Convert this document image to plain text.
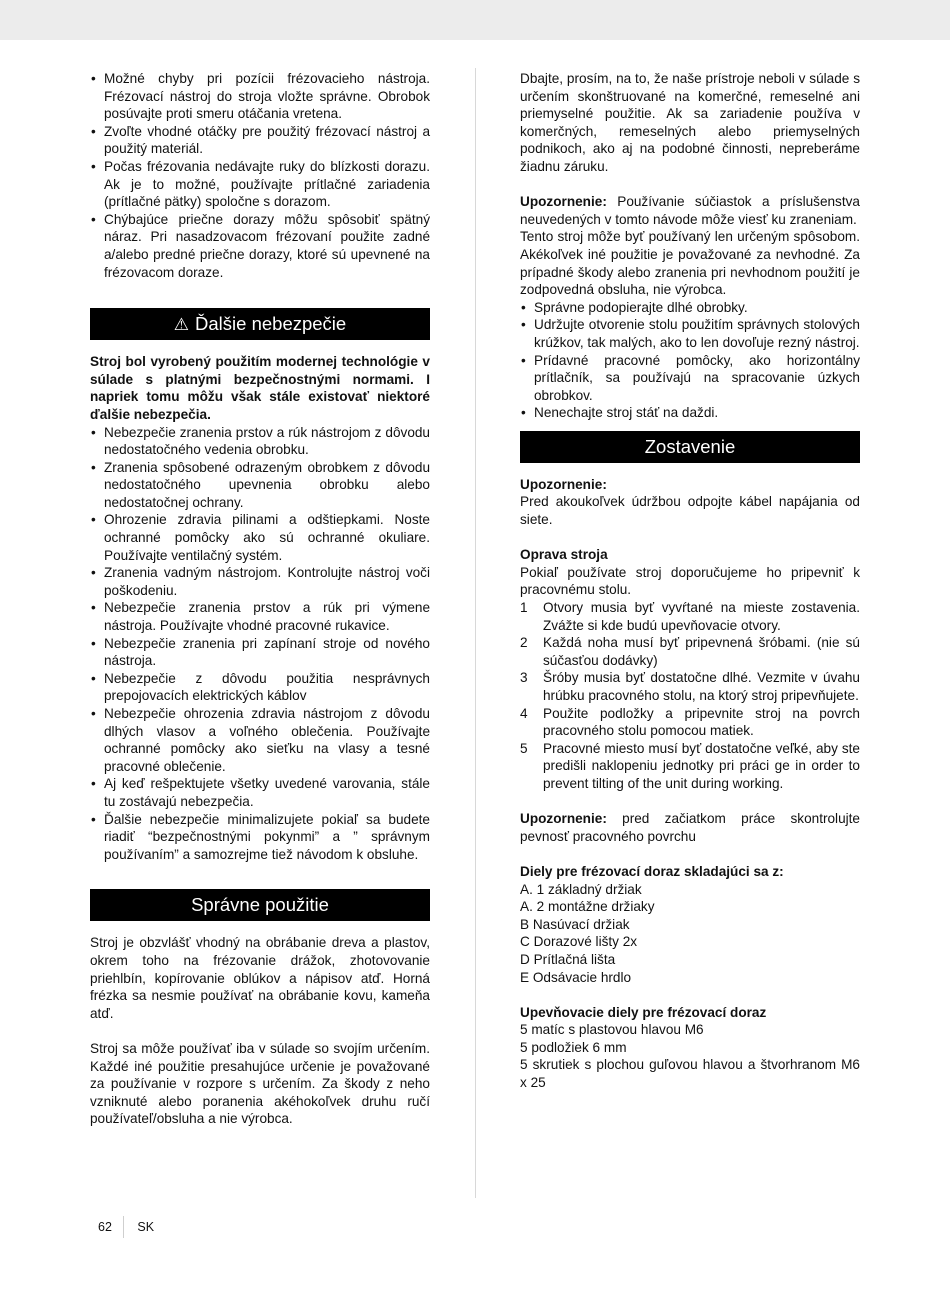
• Možné chyby pri pozícii frézovacieho nástroja. Frézovací nástroj do stroja vložte správne. Obrobok posúvajte proti smeru otáčania vretena.
• Zvoľte vhodné otáčky pre použitý frézovací nástroj a použitý materiál.
• Počas frézovania nedávajte ruky do blízkosti dorazu. Ak je to možné, používajte prítlačné zariadenia (prítlačné pätky) spoločne s dorazom.
• Chýbajúce priečne dorazy môžu spôsobiť spätný náraz. Pri nasadzovacom frézovaní použite zadné a/alebo predné priečne dorazy, ktoré sú upevnené na frézovacom doraze.
⚠ Ďalšie nebezpečie

Stroj bol vyrobený použitím modernej technológie v súlade s platnými bezpečnostnými normami. I napriek tomu môžu však stále existovať niektoré ďalšie nebezpečia.

• Nebezpečie zranenia prstov a rúk nástrojom z dôvodu nedostatočného vedenia obrobku.
• Zranenia spôsobené odrazeným obrobkem z dôvodu nedostatočného upevnenia obrobku alebo nedostatočnej ochrany.
• Ohrozenie zdravia pilinami a odštiepkami. Noste ochranné pomôcky ako sú ochranné okuliare. Používajte ventilačný systém.
• Zranenia vadným nástrojom. Kontrolujte nástroj voči poškodeniu.
• Nebezpečie zranenia prstov a rúk pri výmene nástroja. Používajte vhodné pracovné rukavice.
• Nebezpečie zranenia pri zapínaní stroje od nového nástroja.
• Nebezpečie z dôvodu použitia nesprávnych prepojovacích elektrických káblov
• Nebezpečie ohrozenia zdravia nástrojom z dôvodu dlhých vlasov a voľného oblečenia. Používajte ochranné pomôcky ako sieťku na vlasy a tesné pracovné oblečenie.
• Aj keď rešpektujete všetky uvedené varovania, stále tu zostávajú nebezpečia.
• Ďalšie nebezpečie minimalizujete pokiaľ sa budete riadiť “bezpečnostnými pokynmi” a ” správnym používaním” a samozrejme tiež návodom k obsluhe.
Správne použitie

Stroj je obzvlášť vhodný na obrábanie dreva a plastov, okrem toho na frézovanie drážok, zhotovovanie priehlbín, kopírovanie oblúkov a nápisov atď. Horná frézka sa nesmie používať na obrábanie kovu, kameňa atď.

Stroj sa môže používať iba v súlade so svojím určením. Každé iné použitie presahujúce určenie je považované za používanie v rozpore s určením. Za škody z neho vzniknuté alebo poranenia akéhokoľvek druhu ručí používateľ/obsluha a nie výrobca.

Dbajte, prosím, na to, že naše prístroje neboli v súlade s určením skonštruované na komerčné, remeselné ani priemyselné použitie. Ak sa zariadenie používa v komerčných, remeselných alebo priemyselných podnikoch, ako aj na podobné činnosti, nepreberáme žiadnu záruku.

Upozornenie: Používanie súčiastok a príslušenstva neuvedených v tomto návode môže viesť ku zraneniam.

Tento stroj môže byť používaný len určeným spôsobom. Akékoľvek iné použitie je považované za nevhodné. Za prípadné škody alebo zranenia pri nevhodnom použití je zodpovedná obsluha, nie výrobca.

• Správne podopierajte dlhé obrobky.
• Udržujte otvorenie stolu použitím správnych stolových krúžkov, tak malých, ako to len dovoľuje rezný nástroj.
• Prídavné pracovné pomôcky, ako horizontálny prítlačník, sa používajú na spracovanie úzkych obrobkov.
• Nenechajte stroj stáť na daždi.
Zostavenie

Upozornenie:

Pred akoukoľvek údržbou odpojte kábel napájania od siete.

Oprava stroja

Pokiaľ používate stroj doporučujeme ho pripevniť k pracovnému stolu.

1 Otvory musia byť vyvŕtané na mieste zostavenia. Zvážte si kde budú upevňovacie otvory.
2 Každá noha musí byť pripevnená šróbami. (nie sú súčasťou dodávky)
3 Šróby musia byť dostatočne dlhé. Vezmite v úvahu hrúbku pracovného stolu, na ktorý stroj pripevňujete.
4 Použite podložky a pripevnite stroj na povrch pracovného stolu pomocou matiek.
5 Pracovné miesto musí byť dostatočne veľké, aby ste predišli naklopeniu jednotky pri práci ge in order to prevent tilting of the unit during working.

Upozornenie: pred začiatkom práce skontrolujte pevnosť pracovného povrchu

Diely pre frézovací doraz skladajúci sa z:

A. 1 základný držiak

A. 2 montážne držiaky

B Nasúvací držiak

C Dorazové lišty 2x

D Prítlačná lišta

E Odsávacie hrdlo

Upevňovacie diely pre frézovací doraz

5 matíc s plastovou hlavou M6

5 podložiek 6 mm

5 skrutiek s plochou guľovou hlavou a štvorhranom M6 x 25

62 SK
